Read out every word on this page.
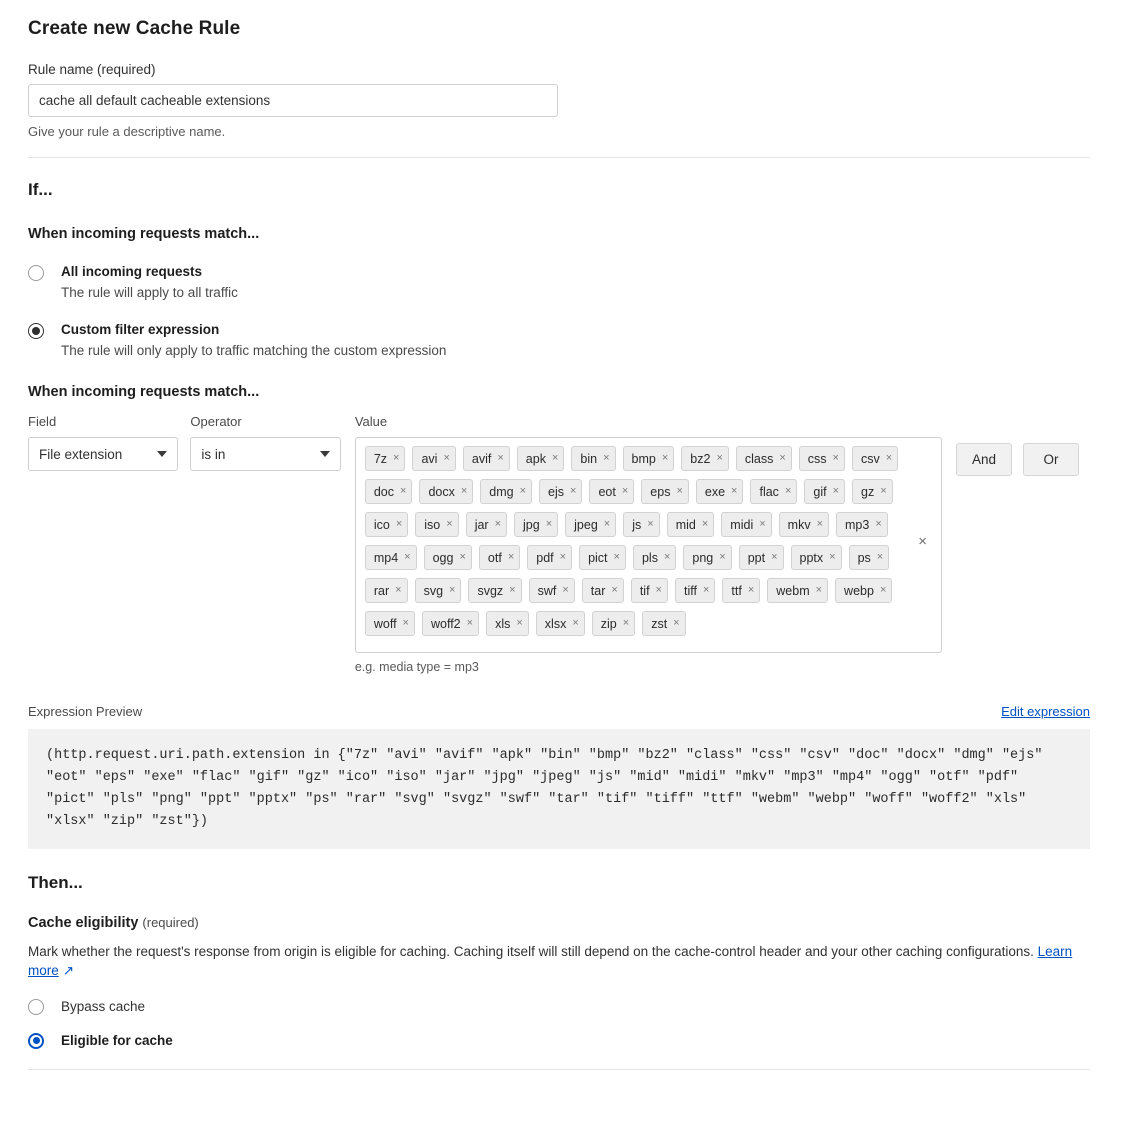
Create new Cache Rule
Rule name (required)
cache all default cacheable extensions
Give your rule a descriptive name.
If...
When incoming requests match...
All incoming requests
The rule will apply to all traffic
Custom filter expression
The rule will only apply to traffic matching the custom expression
When incoming requests match...
Field
File extension
Operator
is in
Value
7z × avi × avif × apk × bin × bmp × bz2 × class × css × csv ×
doc × docx × dmg × ejs × eot × eps × exe × flac × gif × gz ×
ico × iso × jar × jpg × jpeg × js × mid × midi × mkv × mp3 ×
mp4 × ogg × otf × pdf × pict × pls × png × ppt × pptx × ps ×
rar × svg × svgz × swf × tar × tif × tiff × ttf × webm × webp ×
woff × woff2 × xls × xlsx × zip × zst ×
×
e.g. media type = mp3
And	Or
Expression Preview	Edit expression
(http.request.uri.path.extension in {"7z" "avi" "avif" "apk" "bin" "bmp" "bz2" "class" "css" "csv" "doc" "docx" "dmg" "ejs" "eot" "eps" "exe" "flac" "gif" "gz" "ico" "iso" "jar" "jpg" "jpeg" "js" "mid" "midi" "mkv" "mp3" "mp4" "ogg" "otf" "pdf" "pict" "pls" "png" "ppt" "pptx" "ps" "rar" "svg" "svgz" "swf" "tar" "tif" "tiff" "ttf" "webm" "webp" "woff" "woff2" "xls" "xlsx" "zip" "zst"})
Then...
Cache eligibility (required)
Mark whether the request's response from origin is eligible for caching. Caching itself will still depend on the cache-control header and your other caching configurations. Learn more ↗
Bypass cache
Eligible for cache
